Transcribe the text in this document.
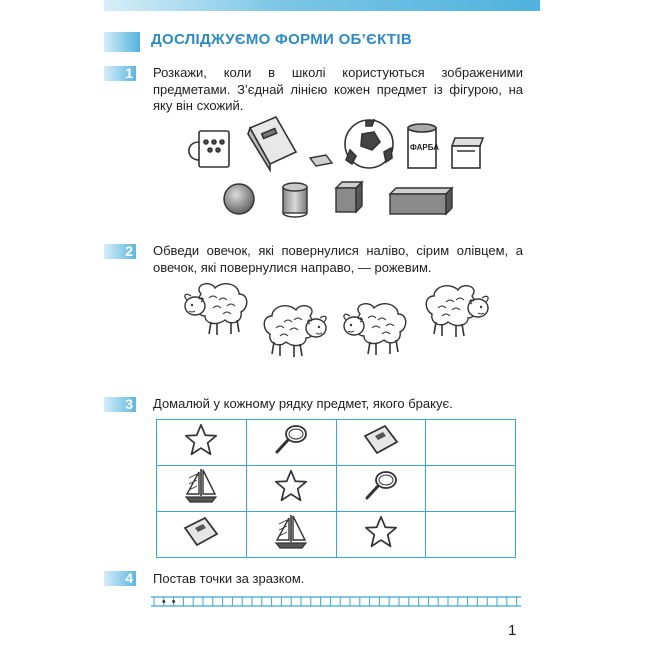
ДОСЛІДЖУЄМО ФОРМИ ОБ’ЄКТІВ
1 Розкажи, коли в школі користуються зображеними предметами. З’єднай лінією кожен предмет із фігурою, на яку він схожий.
ФАРБА
2 Обведи овечок, які повернулися наліво, сірим олівцем, а овечок, які повернулися направо, — рожевим.
3 Домалюй у кожному рядку предмет, якого бракує.

4 Постав точки за зразком.
1
